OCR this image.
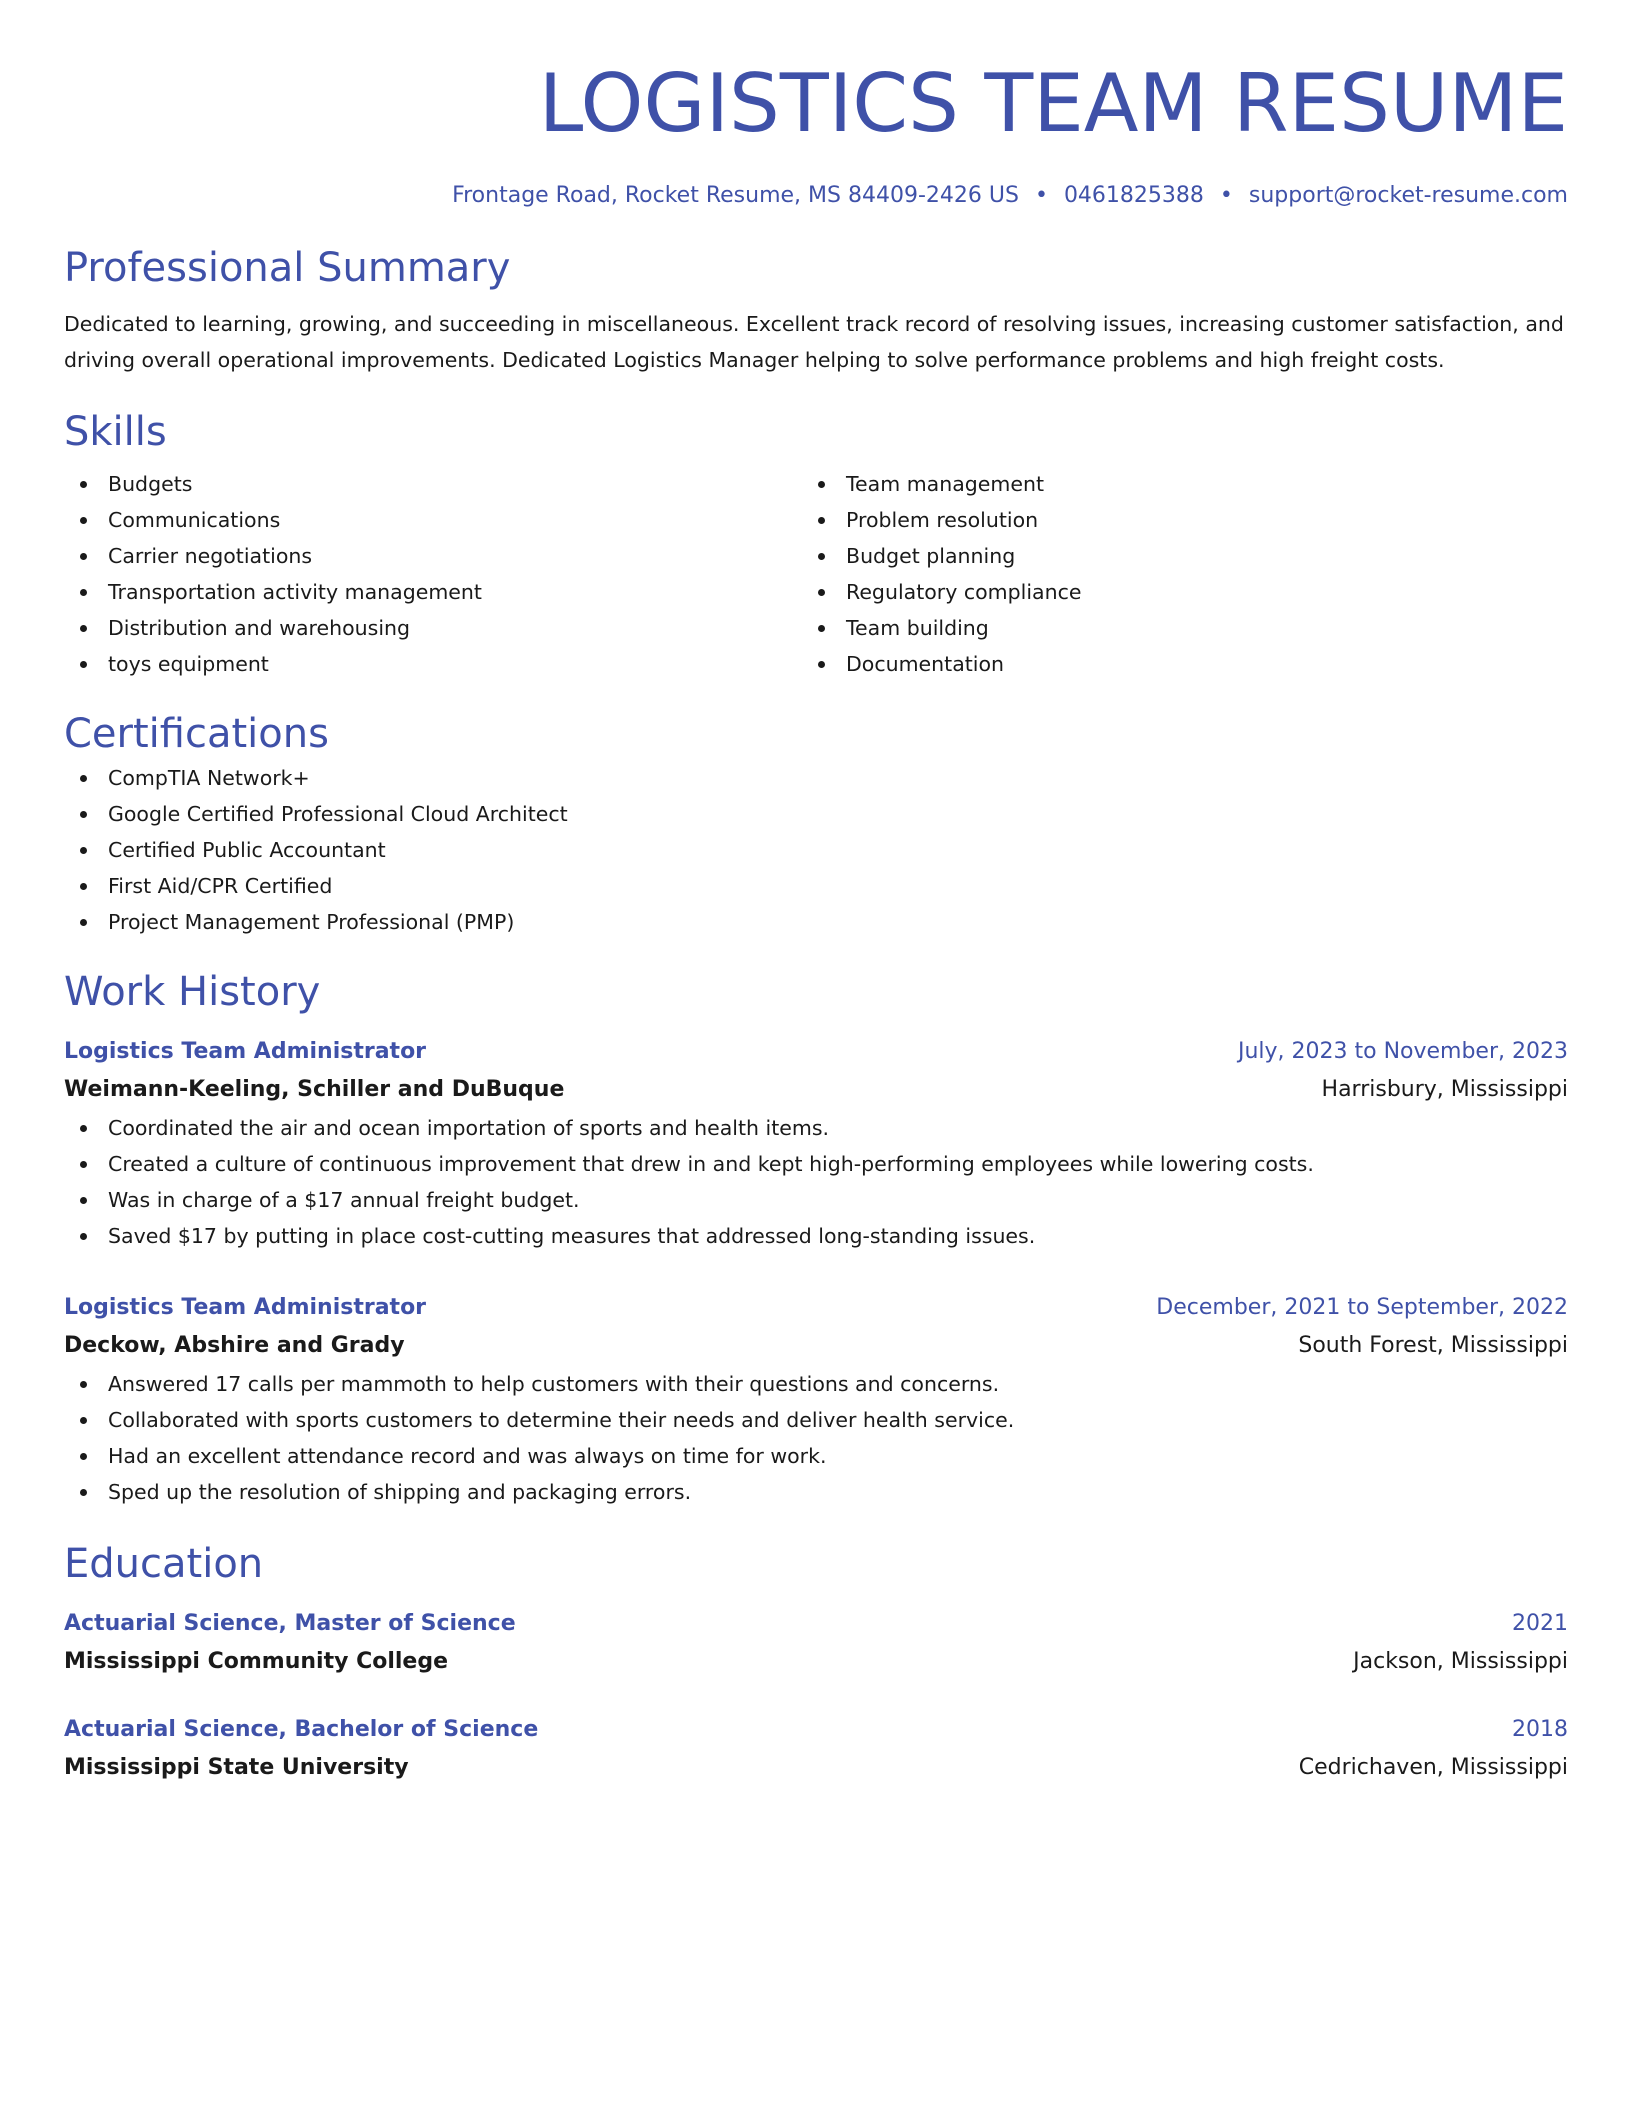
LOGISTICS TEAM RESUME
Frontage Road, Rocket Resume, MS 84409-2426 US • 0461825388 • support@rocket-resume.com
Professional Summary
Dedicated to learning, growing, and succeeding in miscellaneous. Excellent track record of resolving issues, increasing customer satisfaction, and driving overall operational improvements. Dedicated Logistics Manager helping to solve performance problems and high freight costs.
Skills
Budgets
Communications
Carrier negotiations
Transportation activity management
Distribution and warehousing
toys equipment
Team management
Problem resolution
Budget planning
Regulatory compliance
Team building
Documentation
Certifications
CompTIA Network+
Google Certified Professional Cloud Architect
Certified Public Accountant
First Aid/CPR Certified
Project Management Professional (PMP)
Work History
Logistics Team Administrator	July, 2023 to November, 2023
Weimann-Keeling, Schiller and DuBuque	Harrisbury, Mississippi
Coordinated the air and ocean importation of sports and health items.
Created a culture of continuous improvement that drew in and kept high-performing employees while lowering costs.
Was in charge of a $17 annual freight budget.
Saved $17 by putting in place cost-cutting measures that addressed long-standing issues.
Logistics Team Administrator	December, 2021 to September, 2022
Deckow, Abshire and Grady	South Forest, Mississippi
Answered 17 calls per mammoth to help customers with their questions and concerns.
Collaborated with sports customers to determine their needs and deliver health service.
Had an excellent attendance record and was always on time for work.
Sped up the resolution of shipping and packaging errors.
Education
Actuarial Science, Master of Science	2021
Mississippi Community College	Jackson, Mississippi
Actuarial Science, Bachelor of Science	2018
Mississippi State University	Cedrichaven, Mississippi
